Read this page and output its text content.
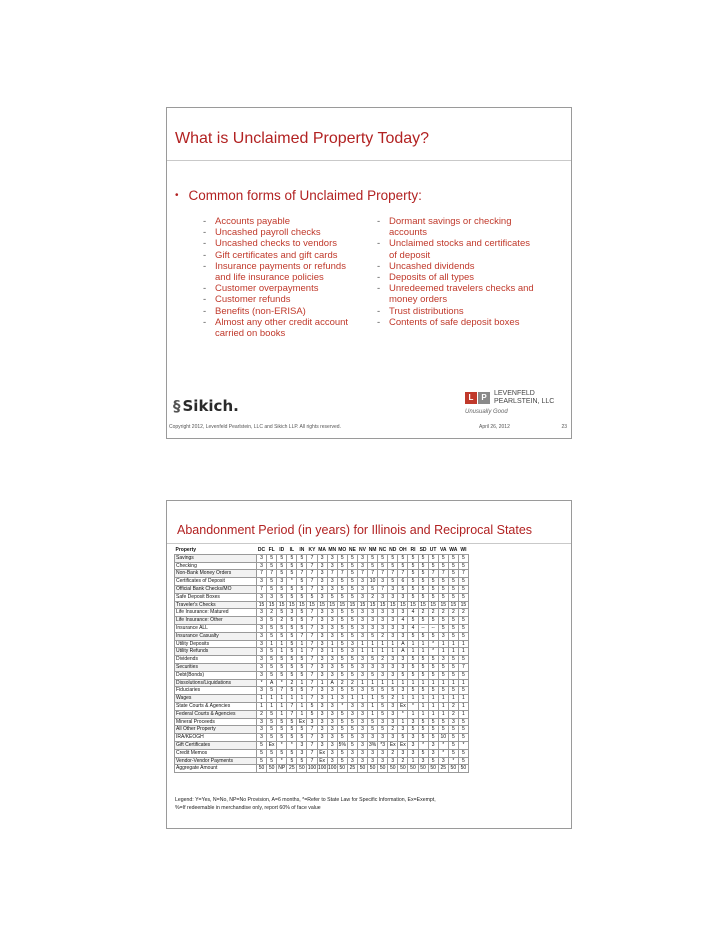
What is Unclaimed Property Today?
• Common forms of Unclaimed Property:
- Accounts payable
- Uncashed payroll checks
- Uncashed checks to vendors
- Gift certificates and gift cards
- Insurance payments or refunds
and life insurance policies
- Customer overpayments
- Customer refunds
- Benefits (non-ERISA)
- Almost any other credit account
carried on books
- Dormant savings or checking
accounts
- Unclaimed stocks and certificates
of deposit
- Uncashed dividends
- Deposits of all types
- Unredeemed travelers checks and
money orders
- Trust distributions
- Contents of safe deposit boxes
§ Sikich.	L P	LEVENFELD
PEARLSTEIN, LLC
Unusually Good
Copyright 2012, Levenfeld Pearlstein, LLC and Sikich LLP. All rights reserved.	April 26, 2012	23
Abandonment Period (in years) for Illinois and Reciprocal States
Property	DC	FL	ID	IL	IN	KY	MA	MN	MO	NE	NV	NM	NC	ND	OH	RI	SD	UT	VA	WA	WI
Savings	3	5	5	5	5	7	3	3	5	5	3	5	5	5	5	5	5	5	5	5	5
Checking	3	5	5	5	5	7	3	3	5	5	3	5	5	5	5	5	5	5	5	5	5
Non-Bank Money Orders	7	7	5	5	7	7	3	7	7	5	7	7	7	7	7	5	5	7	7	5	7
Certificates of Deposit	3	5	3	*	5	7	3	3	5	5	3	10	3	5	6	5	5	5	5	5	5
Official Bank Checks/MO	7	5	5	5	5	7	3	3	5	5	3	5	7	3	5	5	5	5	5	5	5
Safe Deposit Boxes	3	3	5	5	5	5	3	5	5	5	3	2	3	3	3	5	5	5	5	5	5
Traveler's Checks	15	15	15	15	15	15	15	15	15	15	15	15	15	15	15	15	15	15	15	15	15
Life Insurance: Matured	3	2	5	3	5	7	3	3	5	5	3	3	3	3	3	4	2	2	2	2	2
Life Insurance: Other	3	5	2	5	5	7	3	3	5	5	3	3	3	3	4	5	5	5	5	5	5
Insurance ALL	3	5	5	5	5	7	3	3	5	5	3	3	3	3	3	4	--	--	5	5	5
Insurance Casualty	3	5	5	5	7	7	3	3	5	5	3	5	2	3	3	5	5	5	3	5	5
Utility Deposits	3	1	1	5	1	7	3	1	5	3	1	1	1	1	A	1	1	*	1	1	1
Utility Refunds	3	5	1	5	1	7	3	1	5	3	1	1	1	1	A	1	1	*	1	1	1
Dividends	3	5	5	5	5	7	3	3	5	5	3	5	2	3	3	5	5	5	3	5	5
Securities	3	5	5	5	5	7	3	3	5	5	3	3	3	3	3	5	5	5	5	5	7
Debt(Bonds)	3	5	5	5	5	7	3	3	5	5	3	5	3	3	5	5	5	5	5	5	5
Dissolutions/Liquidations	*	A	*	2	1	7	1	A	2	2	1	1	1	1	1	1	1	1	1	1	1
Fiduciaries	3	5	7	5	5	7	3	3	5	5	3	5	5	5	3	5	5	5	5	5	5
Wages	1	1	1	1	1	7	3	1	3	1	1	1	5	2	1	1	1	1	1	1	1
State Courts & Agencies	1	1	1	7	1	5	3	3	*	3	3	1	5	3	Ex	*	1	1	1	2	1
Federal Courts & Agencies	2	5	1	7	1	5	3	3	5	3	3	1	5	3	*	1	1	1	1	2	1
Mineral Proceeds	3	5	5	5	Ex	3	3	3	5	5	3	5	3	3	1	3	5	5	5	3	5
All Other Property	3	5	5	5	5	7	3	3	5	5	3	5	5	2	3	5	5	5	5	5	5
IRA/KEOGH	3	5	5	5	5	7	3	3	5	5	3	3	3	3	5	3	5	5	10	5	5
Gift Certificates	5	Ex	*	*	3	7	3	3	5%	5	3	3%	*3	Ex	Ex	3	*	3	*	5	*
Credit Memos	5	5	5	5	3	7	Ex	3	5	3	3	3	3	2	3	3	5	3	*	5	5
Vendor-Vendor Payments	5	5	*	5	5	7	Ex	3	5	3	3	3	3	3	2	1	3	5	3	*	5
Aggregate Amount	50	50	NP	25	50	100	100	100	50	25	50	50	50	50	50	50	50	50	25	50	50
Legend: Y=Yes, N=No, NP=No Provision, A=6 months, *=Refer to State Law for Specific Information, Ex=Exempt,
%=If redeemable in merchandise only, report 60% of face value
